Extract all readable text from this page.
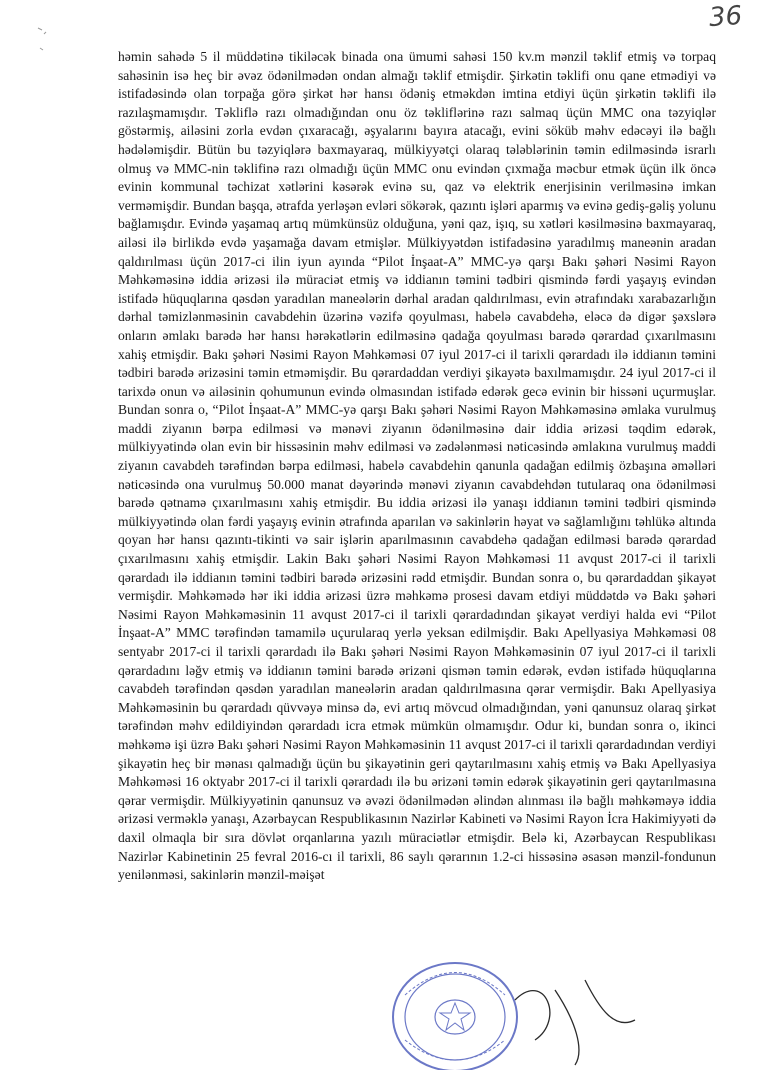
36

həmin sahədə 5 il müddətinə tikiləcək binada ona ümumi sahəsi 150 kv.m mənzil təklif etmiş və torpaq sahəsinin isə heç bir əvəz ödənilmədən ondan almağı təklif etmişdir. Şirkətin təklifi onu qane etmədiyi və istifadəsində olan torpağa görə şirkət hər hansı ödəniş etməkdən imtina etdiyi üçün şirkətin təklifi ilə razılaşmamışdır. Təkliflə razı olmadığından onu öz təkliflərinə razı salmaq üçün MMC ona təzyiqlər göstərmiş, ailəsini zorla evdən çıxaracağı, əşyalarını bayıra atacağı, evini söküb məhv edəcəyi ilə bağlı hədələmişdir. Bütün bu təzyiqlərə baxmayaraq, mülkiyyətçi olaraq tələblərinin təmin edilməsində israrlı olmuş və MMC-nin təklifinə razı olmadığı üçün MMC onu evindən çıxmağa məcbur etmək üçün ilk öncə evinin kommunal təchizat xətlərini kəsərək evinə su, qaz və elektrik enerjisinin verilməsinə imkan verməmişdir. Bundan başqa, ətrafda yerləşən evləri sökərək, qazıntı işləri aparmış və evinə gediş-gəliş yolunu bağlamışdır. Evində yaşamaq artıq mümkünsüz olduğuna, yəni qaz, işıq, su xətləri kəsilməsinə baxmayaraq, ailəsi ilə birlikdə evdə yaşamağa davam etmişlər. Mülkiyyətdən istifadəsinə yaradılmış maneənin aradan qaldırılması üçün 2017-ci ilin iyun ayında “Pilot İnşaat-A” MMC-yə qarşı Bakı şəhəri Nəsimi Rayon Məhkəməsinə iddia ərizəsi ilə müraciət etmiş və iddianın təmini tədbiri qismində fərdi yaşayış evindən istifadə hüquqlarına qəsdən yaradılan maneələrin dərhal aradan qaldırılması, evin ətrafındakı xarabazarlığın dərhal təmizlənməsinin cavabdehin üzərinə vəzifə qoyulması, habelə cavabdehə, eləcə də digər şəxslərə onların əmlakı barədə hər hansı hərəkətlərin edilməsinə qadağa qoyulması barədə qərardad çıxarılmasını xahiş etmişdir. Bakı şəhəri Nəsimi Rayon Məhkəməsi 07 iyul 2017-ci il tarixli qərardadı ilə iddianın təmini tədbiri barədə ərizəsini təmin etməmişdir. Bu qərardaddan verdiyi şikayətə baxılmamışdır. 24 iyul 2017-ci il tarixdə onun və ailəsinin qohumunun evində olmasından istifadə edərək gecə evinin bir hissəni uçurmuşlar. Bundan sonra o, “Pilot İnşaat-A” MMC-yə qarşı Bakı şəhəri Nəsimi Rayon Məhkəməsinə əmlaka vurulmuş maddi ziyanın bərpa edilməsi və mənəvi ziyanın ödənilməsinə dair iddia ərizəsi təqdim edərək, mülkiyyətində olan evin bir hissəsinin məhv edilməsi və zədələnməsi nəticəsində əmlakına vurulmuş maddi ziyanın cavabdeh tərəfindən bərpa edilməsi, habelə cavabdehin qanunla qadağan edilmiş özbaşına əməlləri nəticəsində ona vurulmuş 50.000 manat dəyərində mənəvi ziyanın cavabdehdən tutularaq ona ödənilməsi barədə qətnamə çıxarılmasını xahiş etmişdir. Bu iddia ərizəsi ilə yanaşı iddianın təmini tədbiri qismində mülkiyyətində olan fərdi yaşayış evinin ətrafında aparılan və sakinlərin həyat və sağlamlığını təhlükə altında qoyan hər hansı qazıntı-tikinti və sair işlərin aparılmasının cavabdehə qadağan edilməsi barədə qərardad çıxarılmasını xahiş etmişdir. Lakin Bakı şəhəri Nəsimi Rayon Məhkəməsi 11 avqust 2017-ci il tarixli qərardadı ilə iddianın təmini tədbiri barədə ərizəsini rədd etmişdir. Bundan sonra o, bu qərardaddan şikayət vermişdir. Məhkəmədə hər iki iddia ərizəsi üzrə məhkəmə prosesi davam etdiyi müddətdə və Bakı şəhəri Nəsimi Rayon Məhkəməsinin 11 avqust 2017-ci il tarixli qərardadından şikayət verdiyi halda evi “Pilot İnşaat-A” MMC tərəfindən tamamilə uçurularaq yerlə yeksan edilmişdir. Bakı Apellyasiya Məhkəməsi 08 sentyabr 2017-ci il tarixli qərardadı ilə Bakı şəhəri Nəsimi Rayon Məhkəməsinin 07 iyul 2017-ci il tarixli qərardadını ləğv etmiş və iddianın təmini barədə ərizəni qismən təmin edərək, evdən istifadə hüquqlarına cavabdeh tərəfindən qəsdən yaradılan maneələrin aradan qaldırılmasına qərar vermişdir. Bakı Apellyasiya Məhkəməsinin bu qərardadı qüvvəyə minsə də, evi artıq mövcud olmadığından, yəni qanunsuz olaraq şirkət tərəfindən məhv edildiyindən qərardadı icra etmək mümkün olmamışdır. Odur ki, bundan sonra o, ikinci məhkəmə işi üzrə Bakı şəhəri Nəsimi Rayon Məhkəməsinin 11 avqust 2017-ci il tarixli qərardadından verdiyi şikayətin heç bir mənası qalmadığı üçün bu şikayətinin geri qaytarılmasını xahiş etmiş və Bakı Apellyasiya Məhkəməsi 16 oktyabr 2017-ci il tarixli qərardadı ilə bu ərizəni təmin edərək şikayətinin geri qaytarılmasına qərar vermişdir. Mülkiyyətinin qanunsuz və əvəzi ödənilmədən əlindən alınması ilə bağlı məhkəməyə iddia ərizəsi verməklə yanaşı, Azərbaycan Respublikasının Nazirlər Kabineti və Nəsimi Rayon İcra Hakimiyyəti də daxil olmaqla bir sıra dövlət orqanlarına yazılı müraciətlər etmişdir. Belə ki, Azərbaycan Respublikası Nazirlər Kabinetinin 25 fevral 2016-cı il tarixli, 86 saylı qərarının 1.2-ci hissəsinə əsasən mənzil-fondunun yenilənməsi, sakinlərin mənzil-məişət
